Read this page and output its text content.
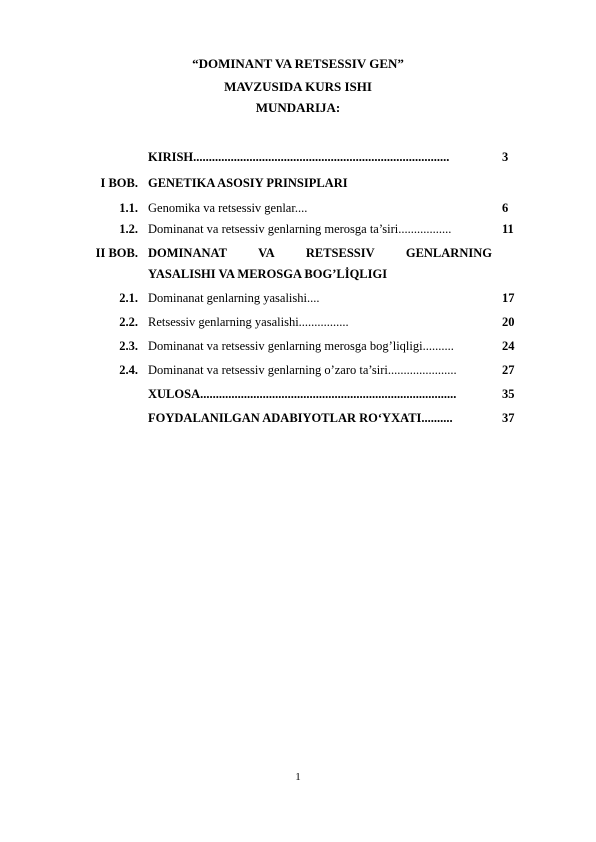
“DOMINANT VA RETSESSIV GEN”
MAVZUSIDA KURS ISHI
MUNDARIJA:
KIRISH..................................................................................	3
I BOB. GENETIKA ASOSIY PRINSIPLARI
1.1. Genomika va retsessiv genlar....	6
1.2. Dominanat va retsessiv genlarning merosga ta’siri.................	11
II BOB. DOMINANAT VA RETSESSIV GENLARNING
YASALISHI VA MEROSGA BOG’LİQLIGI
2.1. Dominanat genlarning yasalishi....	17
2.2. Retsessiv genlarning yasalishi................	20
2.3. Dominanat va retsessiv genlarning merosga bog’liqligi..........	24
2.4. Dominanat va retsessiv genlarning o’zaro ta’siri......................	27
XULOSA..................................................................................	35
FOYDALANILGAN ADABIYOTLAR RO‘YXATI..........	37
1
